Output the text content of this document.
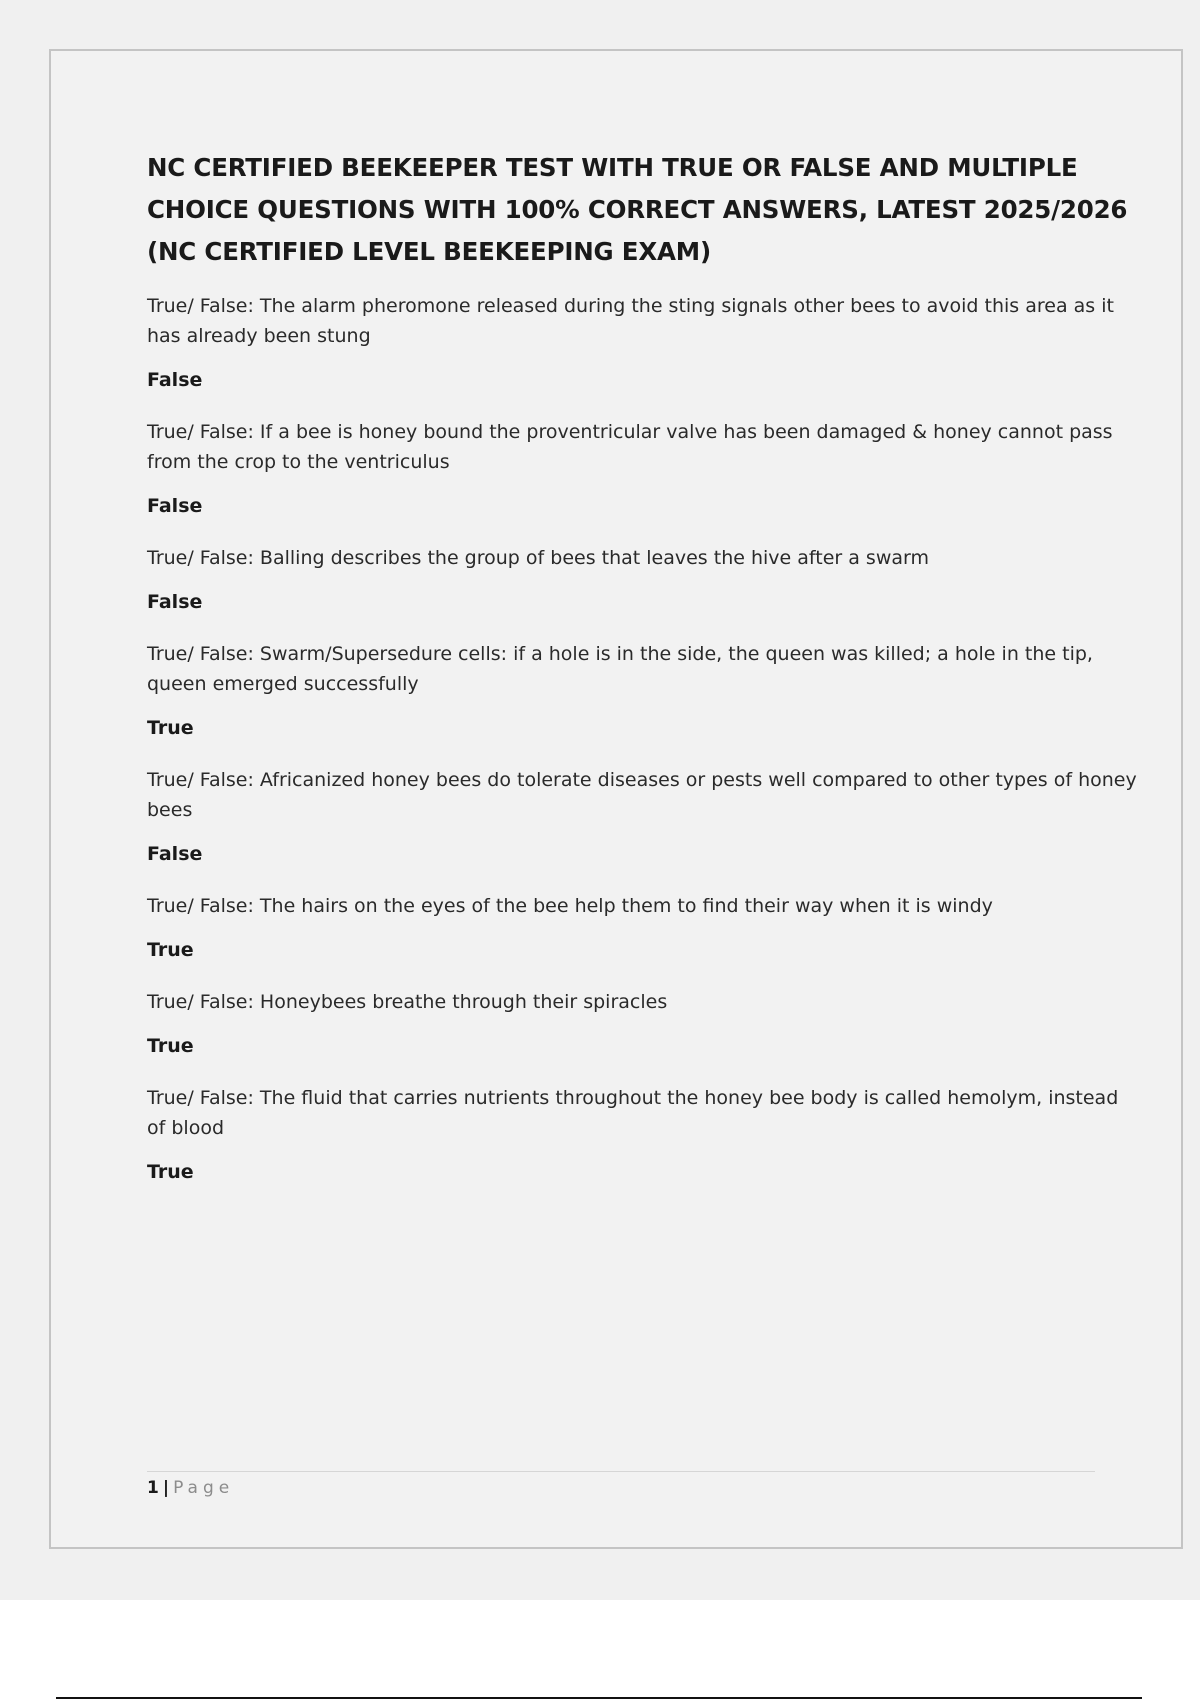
NC CERTIFIED BEEKEEPER TEST WITH TRUE OR FALSE AND MULTIPLE CHOICE QUESTIONS WITH 100% CORRECT ANSWERS, LATEST 2025/2026 (NC CERTIFIED LEVEL BEEKEEPING EXAM)

True/ False: The alarm pheromone released during the sting signals other bees to avoid this area as it has already been stung

False

True/ False: If a bee is honey bound the proventricular valve has been damaged & honey cannot pass from the crop to the ventriculus

False

True/ False: Balling describes the group of bees that leaves the hive after a swarm

False

True/ False: Swarm/Supersedure cells: if a hole is in the side, the queen was killed; a hole in the tip, queen emerged successfully

True

True/ False: Africanized honey bees do tolerate diseases or pests well compared to other types of honey bees

False

True/ False: The hairs on the eyes of the bee help them to find their way when it is windy

True

True/ False: Honeybees breathe through their spiracles

True

True/ False: The fluid that carries nutrients throughout the honey bee body is called hemolym, instead of blood

True

1 | Page
